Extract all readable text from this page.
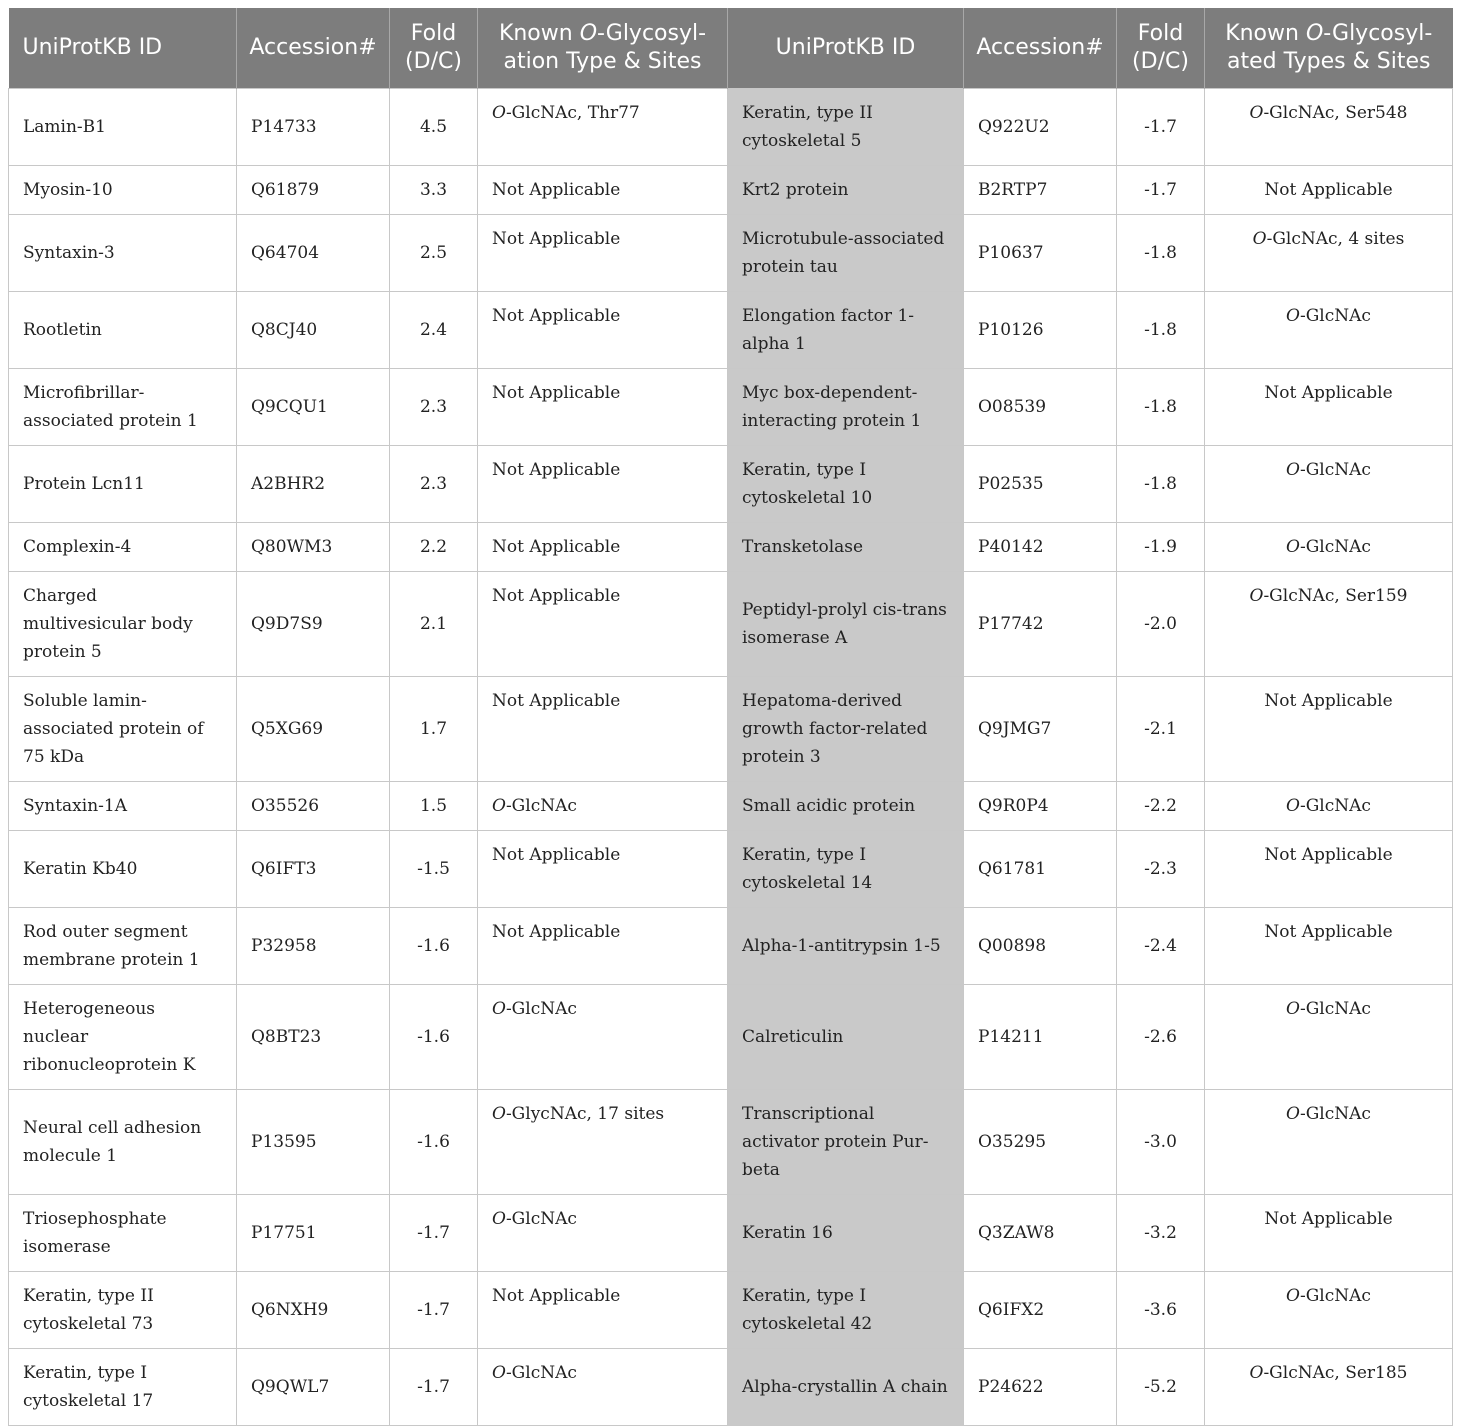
UniProtKB ID	Accession#	Fold (D/C)	Known O-Glycosyl-ation Type & Sites	UniProtKB ID	Accession#	Fold (D/C)	Known O-Glycosyl-ated Types & Sites
Lamin-B1	P14733	4.5	O-GlcNAc, Thr77	Keratin, type II cytoskeletal 5	Q922U2	-1.7	O-GlcNAc, Ser548
Myosin-10	Q61879	3.3	Not Applicable	Krt2 protein	B2RTP7	-1.7	Not Applicable
Syntaxin-3	Q64704	2.5	Not Applicable	Microtubule-associated protein tau	P10637	-1.8	O-GlcNAc, 4 sites
Rootletin	Q8CJ40	2.4	Not Applicable	Elongation factor 1-alpha 1	P10126	-1.8	O-GlcNAc
Microfibrillar-associated protein 1	Q9CQU1	2.3	Not Applicable	Myc box-dependent-interacting protein 1	O08539	-1.8	Not Applicable
Protein Lcn11	A2BHR2	2.3	Not Applicable	Keratin, type I cytoskeletal 10	P02535	-1.8	O-GlcNAc
Complexin-4	Q80WM3	2.2	Not Applicable	Transketolase	P40142	-1.9	O-GlcNAc
Charged multivesicular body protein 5	Q9D7S9	2.1	Not Applicable	Peptidyl-prolyl cis-trans isomerase A	P17742	-2.0	O-GlcNAc, Ser159
Soluble lamin-associated protein of 75 kDa	Q5XG69	1.7	Not Applicable	Hepatoma-derived growth factor-related protein 3	Q9JMG7	-2.1	Not Applicable
Syntaxin-1A	O35526	1.5	O-GlcNAc	Small acidic protein	Q9R0P4	-2.2	O-GlcNAc
Keratin Kb40	Q6IFT3	-1.5	Not Applicable	Keratin, type I cytoskeletal 14	Q61781	-2.3	Not Applicable
Rod outer segment membrane protein 1	P32958	-1.6	Not Applicable	Alpha-1-antitrypsin 1-5	Q00898	-2.4	Not Applicable
Heterogeneous nuclear ribonucleoprotein K	Q8BT23	-1.6	O-GlcNAc	Calreticulin	P14211	-2.6	O-GlcNAc
Neural cell adhesion molecule 1	P13595	-1.6	O-GlycNAc, 17 sites	Transcriptional activator protein Pur-beta	O35295	-3.0	O-GlcNAc
Triosephosphate isomerase	P17751	-1.7	O-GlcNAc	Keratin 16	Q3ZAW8	-3.2	Not Applicable
Keratin, type II cytoskeletal 73	Q6NXH9	-1.7	Not Applicable	Keratin, type I cytoskeletal 42	Q6IFX2	-3.6	O-GlcNAc
Keratin, type I cytoskeletal 17	Q9QWL7	-1.7	O-GlcNAc	Alpha-crystallin A chain	P24622	-5.2	O-GlcNAc, Ser185
